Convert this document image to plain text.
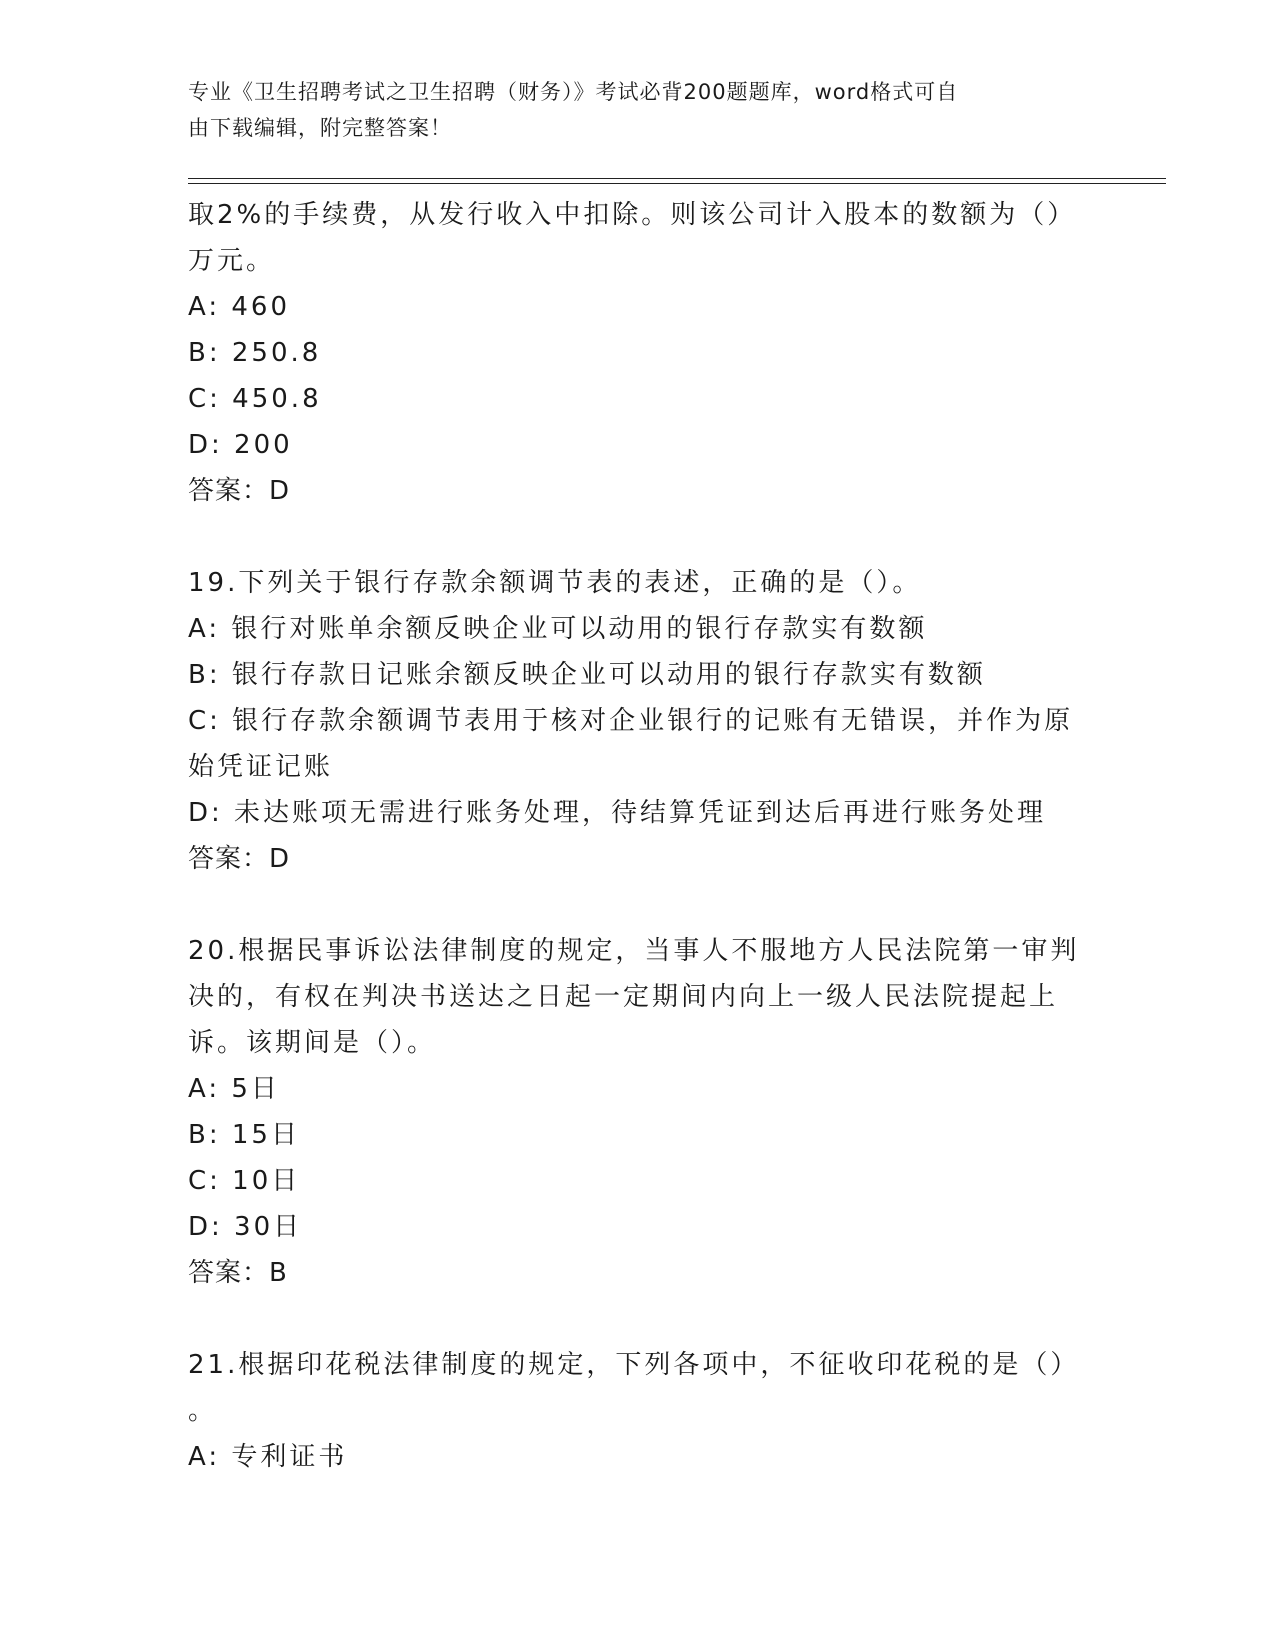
专业《卫生招聘考试之卫生招聘（财务）》考试必背200题题库，word格式可自
由下载编辑，附完整答案！
取2%的手续费，从发行收入中扣除。则该公司计入股本的数额为（）
万元。
A: 460
B: 250.8
C: 450.8
D: 200
答案：D
19.下列关于银行存款余额调节表的表述，正确的是（）。
A: 银行对账单余额反映企业可以动用的银行存款实有数额
B: 银行存款日记账余额反映企业可以动用的银行存款实有数额
C: 银行存款余额调节表用于核对企业银行的记账有无错误，并作为原
始凭证记账
D: 未达账项无需进行账务处理，待结算凭证到达后再进行账务处理
答案：D
20.根据民事诉讼法律制度的规定，当事人不服地方人民法院第一审判
决的，有权在判决书送达之日起一定期间内向上一级人民法院提起上
诉。该期间是（）。
A: 5日
B: 15日
C: 10日
D: 30日
答案：B
21.根据印花税法律制度的规定，下列各项中，不征收印花税的是（）
。
A: 专利证书
